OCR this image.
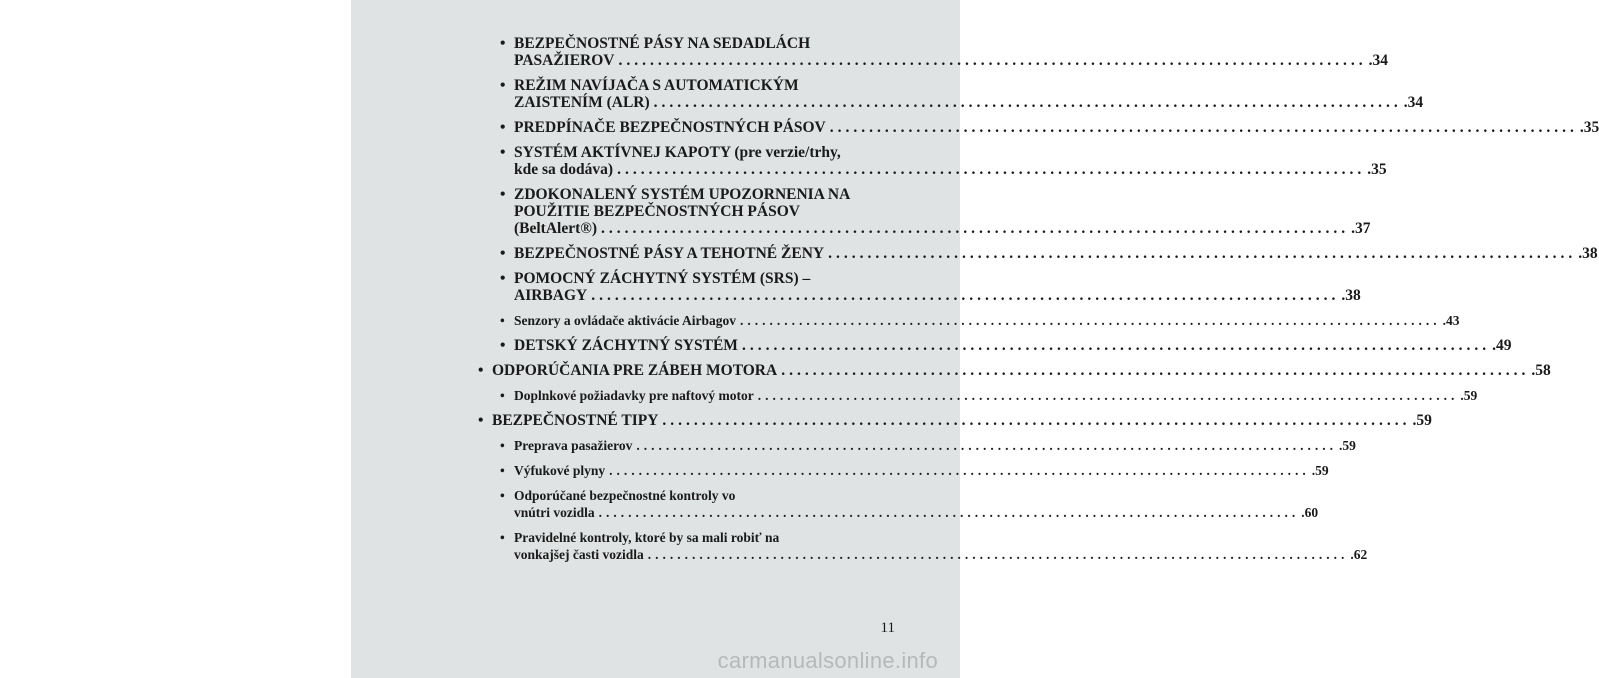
• BEZPEČNOSTNÉ PÁSY NA SEDADLÁCH
PASAŽIEROV ............................................................................................... .34
• REŽIM NAVÍJAČA S AUTOMATICKÝM
ZAISTENÍM (ALR) ............................................................................................... .34
• PREDPÍNAČE BEZPEČNOSTNÝCH PÁSOV ............................................................................................... .35
• SYSTÉM AKTÍVNEJ KAPOTY (pre verzie/trhy,
kde sa dodáva) ............................................................................................... .35
• ZDOKONALENÝ SYSTÉM UPOZORNENIA NA
POUŽITIE BEZPEČNOSTNÝCH PÁSOV
(BeltAlert®) ............................................................................................... .37
• BEZPEČNOSTNÉ PÁSY A TEHOTNÉ ŽENY ............................................................................................... .38
• POMOCNÝ ZÁCHYTNÝ SYSTÉM (SRS) –
AIRBAGY ............................................................................................... .38
• Senzory a ovládače aktivácie Airbagov ............................................................................................... .43
• DETSKÝ ZÁCHYTNÝ SYSTÉM ............................................................................................... .49
• ODPORÚČANIA PRE ZÁBEH MOTORA ............................................................................................... .58
• Doplnkové požiadavky pre naftový motor ............................................................................................... .59
• BEZPEČNOSTNÉ TIPY ............................................................................................... .59
• Preprava pasažierov ............................................................................................... .59
• Výfukové plyny ............................................................................................... .59
• Odporúčané bezpečnostné kontroly vo
vnútri vozidla ............................................................................................... .60
• Pravidelné kontroly, ktoré by sa mali robiť na
vonkajšej časti vozidla ............................................................................................... .62
11
carmanualsonline.info
